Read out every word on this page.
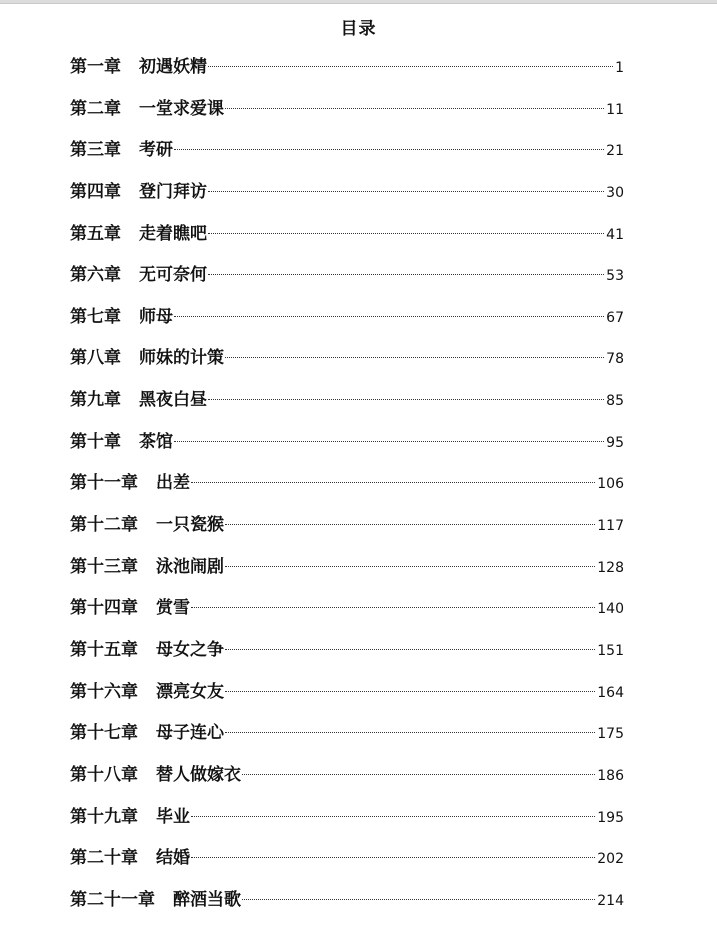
目录
第一章 初遇妖精	1
第二章 一堂求爱课	11
第三章 考研	21
第四章 登门拜访	30
第五章 走着瞧吧	41
第六章 无可奈何	53
第七章 师母	67
第八章 师妹的计策	78
第九章 黑夜白昼	85
第十章 茶馆	95
第十一章 出差	106
第十二章 一只瓷猴	117
第十三章 泳池闹剧	128
第十四章 赏雪	140
第十五章 母女之争	151
第十六章 漂亮女友	164
第十七章 母子连心	175
第十八章 替人做嫁衣	186
第十九章 毕业	195
第二十章 结婚	202
第二十一章 醉酒当歌	214
